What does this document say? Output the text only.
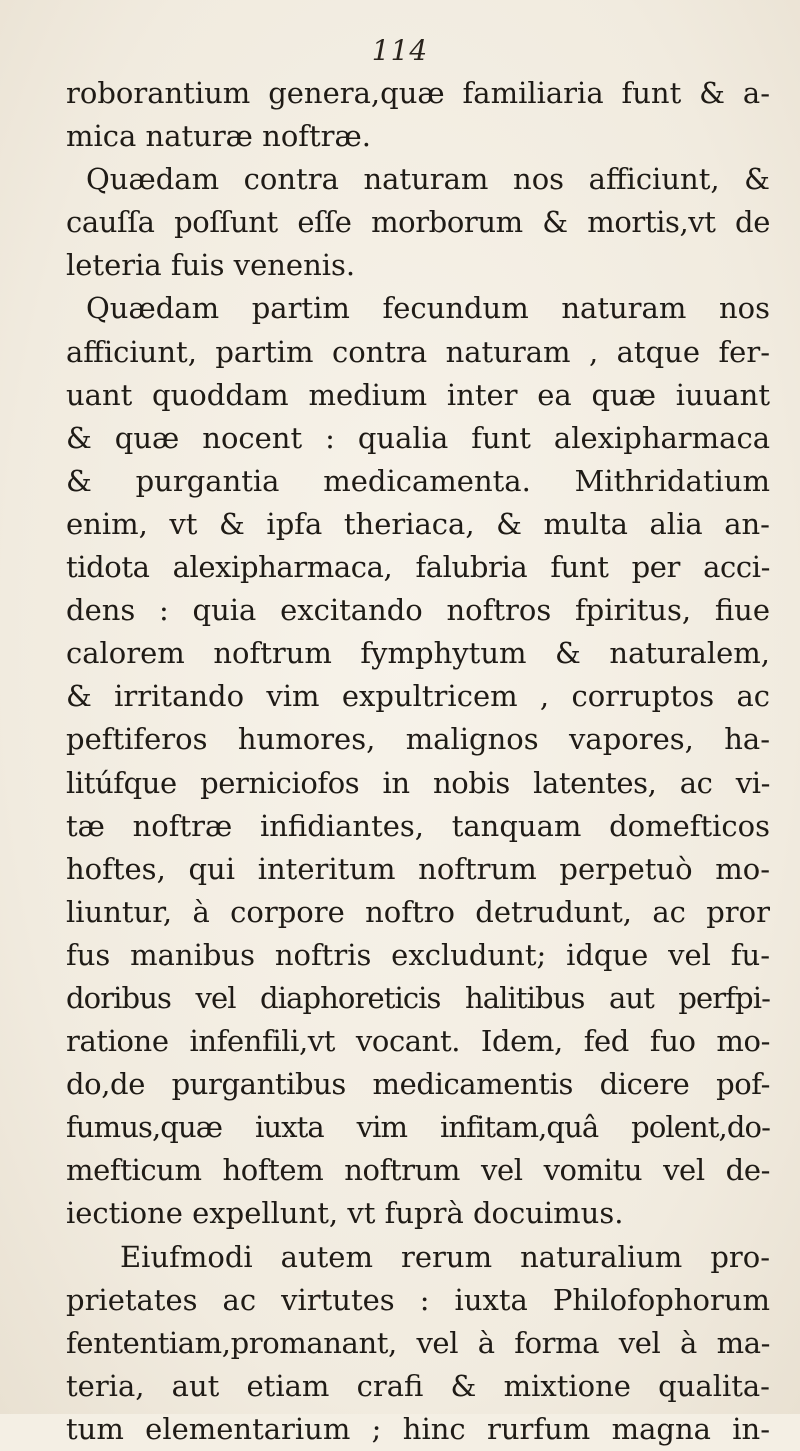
114
roborantium genera,quæ familiaria funt & a-
mica naturæ noftræ.
Quædam contra naturam nos afficiunt, &
cauſſa poſſunt eſſe morborum & mortis,vt de
leteria fuis venenis.
Quædam partim fecundum naturam nos
afficiunt, partim contra naturam , atque fer-
uant quoddam medium inter ea quæ iuuant
& quæ nocent : qualia funt alexipharmaca
& purgantia medicamenta. Mithridatium
enim, vt & ipfa theriaca, & multa alia an-
tidota alexipharmaca, falubria funt per acci-
dens : quia excitando noftros fpiritus, fiue
calorem noftrum fymphytum & naturalem,
& irritando vim expultricem , corruptos ac
peftiferos humores, malignos vapores, ha-
litúfque perniciofos in nobis latentes, ac vi-
tæ noftræ infidiantes, tanquam domefticos
hoftes, qui interitum noftrum perpetuò mo-
liuntur, à corpore noftro detrudunt, ac pror
fus manibus noftris excludunt; idque vel fu-
doribus vel diaphoreticis halitibus aut perfpi-
ratione infenfili,vt vocant. Idem, fed fuo mo-
do,de purgantibus medicamentis dicere pof-
fumus,quæ iuxta vim infitam,quâ polent,do-
mefticum hoftem noftrum vel vomitu vel de-
iectione expellunt, vt fuprà docuimus.
Eiufmodi autem rerum naturalium pro-
prietates ac virtutes : iuxta Philofophorum
fententiam,promanant, vel à forma vel à ma-
teria, aut etiam crafi & mixtione qualita-
tum elementarium ; hinc rurfum magna in-
